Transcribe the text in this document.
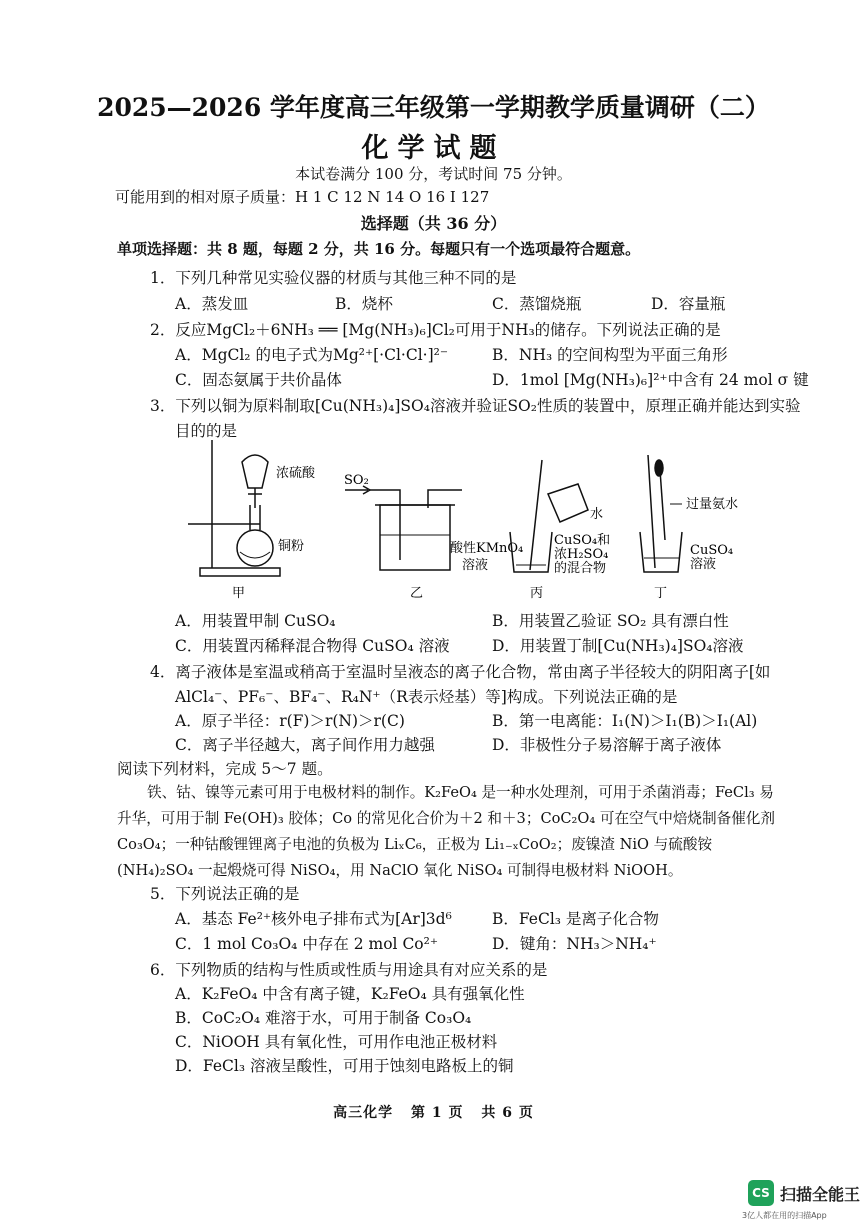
2025—2026 学年度高三年级第一学期教学质量调研（二）
化学试题
本试卷满分 100 分，考试时间 75 分钟。
可能用到的相对原子质量：H 1 C 12 N 14 O 16 I 127
选择题（共 36 分）
单项选择题：共 8 题，每题 2 分，共 16 分。每题只有一个选项最符合题意。
1．下列几种常见实验仪器的材质与其他三种不同的是
A．蒸发皿	B．烧杯	C．蒸馏烧瓶	D．容量瓶
2．反应MgCl₂＋6NH₃ ══ [Mg(NH₃)₆]Cl₂可用于NH₃的储存。下列说法正确的是
A．MgCl₂ 的电子式为Mg²⁺[·Cl·Cl·]²⁻	B．NH₃ 的空间构型为平面三角形
C．固态氨属于共价晶体	D．1mol [Mg(NH₃)₆]²⁺中含有 24 mol σ 键
3．下列以铜为原料制取[Cu(NH₃)₄]SO₄溶液并验证SO₂性质的装置中，原理正确并能达到实验
目的的是
浓硫酸
铜粉
甲
SO₂
酸性KMnO₄
溶液
乙
水
CuSO₄和
浓H₂SO₄
的混合物
丙
过量氨水
CuSO₄
溶液
丁
A．用装置甲制 CuSO₄	B．用装置乙验证 SO₂ 具有漂白性
C．用装置丙稀释混合物得 CuSO₄ 溶液	D．用装置丁制[Cu(NH₃)₄]SO₄溶液
4．离子液体是室温或稍高于室温时呈液态的离子化合物，常由离子半径较大的阴阳离子[如
AlCl₄⁻、PF₆⁻、BF₄⁻、R₄N⁺（R表示烃基）等]构成。下列说法正确的是
A．原子半径：r(F)＞r(N)＞r(C)	B．第一电离能：I₁(N)＞I₁(B)＞I₁(Al)
C．离子半径越大，离子间作用力越强	D．非极性分子易溶解于离子液体
阅读下列材料，完成 5～7 题。
铁、钴、镍等元素可用于电极材料的制作。K₂FeO₄ 是一种水处理剂，可用于杀菌消毒；FeCl₃ 易升华，可用于制 Fe(OH)₃ 胶体；Co 的常见化合价为＋2 和＋3；CoC₂O₄ 可在空气中焙烧制备催化剂 Co₃O₄；一种钴酸锂锂离子电池的负极为 LiₓC₆，正极为 Li₁₋ₓCoO₂；废镍渣 NiO 与硫酸铵(NH₄)₂SO₄ 一起煅烧可得 NiSO₄，用 NaClO 氧化 NiSO₄ 可制得电极材料 NiOOH。
5．下列说法正确的是
A．基态 Fe²⁺核外电子排布式为[Ar]3d⁶	B．FeCl₃ 是离子化合物
C．1 mol Co₃O₄ 中存在 2 mol Co²⁺	D．键角：NH₃＞NH₄⁺
6．下列物质的结构与性质或性质与用途具有对应关系的是
A．K₂FeO₄ 中含有离子键，K₂FeO₄ 具有强氧化性
B．CoC₂O₄ 难溶于水，可用于制备 Co₃O₄
C．NiOOH 具有氧化性，可用作电池正极材料
D．FeCl₃ 溶液呈酸性，可用于蚀刻电路板上的铜
高三化学 第 1 页 共 6 页
CS 扫描全能王
3亿人都在用的扫描App
